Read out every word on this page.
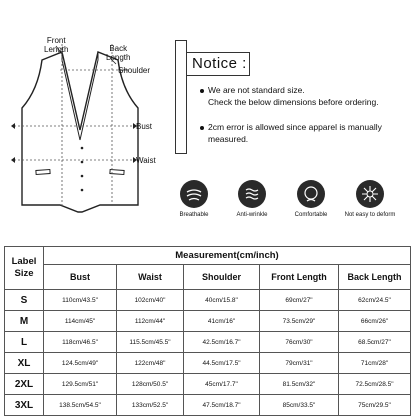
Front
Length	Back
Length
Shoulder
Bust
Waist
Notice :
We are not standard size.
Check the below dimensions before ordering.
2cm error is allowed since apparel is manually
measured.
Breathable	Anti-wrinkle	Comfortable	Not easy to deform
Label
Size	Measurement(cm/inch)				
	Bust	Waist	Shoulder	Front Length	Back Length
S	110cm/43.5"	102cm/40"	40cm/15.8"	69cm/27"	62cm/24.5"
M	114cm/45"	112cm/44"	41cm/16"	73.5cm/29"	66cm/26"
L	118cm/46.5"	115.5cm/45.5"	42.5cm/16.7"	76cm/30"	68.5cm/27"
XL	124.5cm/49"	122cm/48"	44.5cm/17.5"	79cm/31"	71cm/28"
2XL	129.5cm/51"	128cm/50.5"	45cm/17.7"	81.5cm/32"	72.5cm/28.5"
3XL	138.5cm/54.5"	133cm/52.5"	47.5cm/18.7"	85cm/33.5"	75cm/29.5"
